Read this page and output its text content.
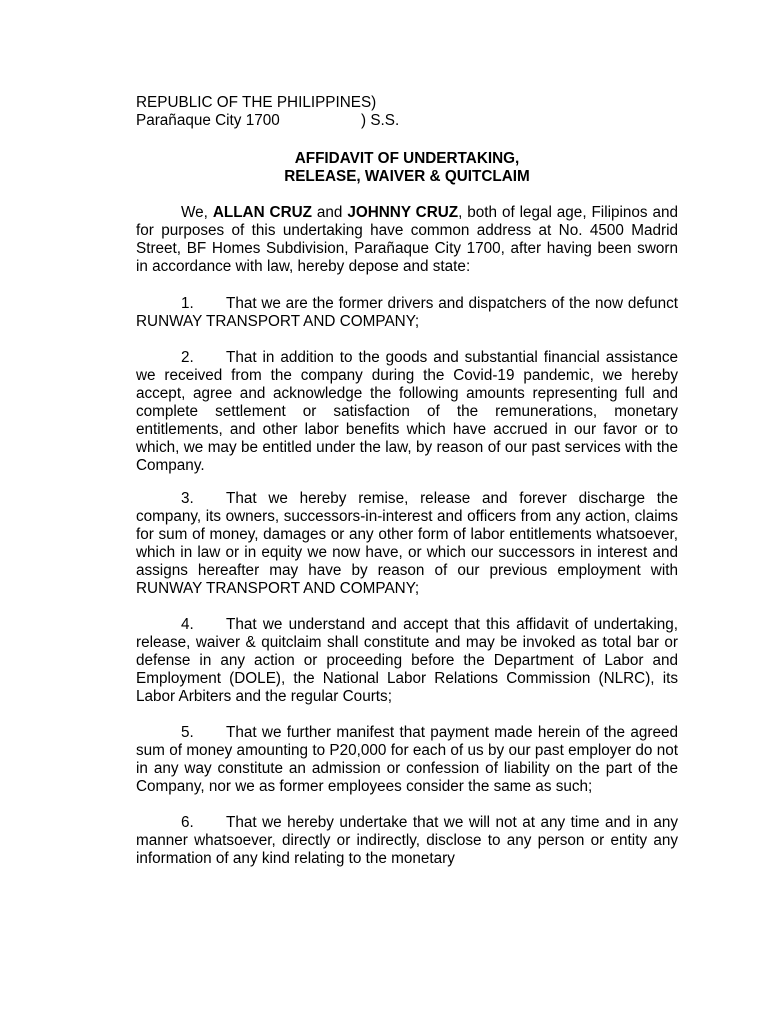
REPUBLIC OF THE PHILIPPINES)
Parañaque City 1700	) S.S.
AFFIDAVIT OF UNDERTAKING,
RELEASE, WAIVER & QUITCLAIM

We, ALLAN CRUZ and JOHNNY CRUZ, both of legal age, Filipinos and for purposes of this undertaking have common address at No. 4500 Madrid Street, BF Homes Subdivision, Parañaque City 1700, after having been sworn in accordance with law, hereby depose and state:

1. That we are the former drivers and dispatchers of the now defunct RUNWAY TRANSPORT AND COMPANY;

2. That in addition to the goods and substantial financial assistance we received from the company during the Covid-19 pandemic, we hereby accept, agree and acknowledge the following amounts representing full and complete settlement or satisfaction of the remunerations, monetary entitlements, and other labor benefits which have accrued in our favor or to which, we may be entitled under the law, by reason of our past services with the Company.

3. That we hereby remise, release and forever discharge the company, its owners, successors-in-interest and officers from any action, claims for sum of money, damages or any other form of labor entitlements whatsoever, which in law or in equity we now have, or which our successors in interest and assigns hereafter may have by reason of our previous employment with RUNWAY TRANSPORT AND COMPANY;

4. That we understand and accept that this affidavit of undertaking, release, waiver & quitclaim shall constitute and may be invoked as total bar or defense in any action or proceeding before the Department of Labor and Employment (DOLE), the National Labor Relations Commission (NLRC), its Labor Arbiters and the regular Courts;

5. That we further manifest that payment made herein of the agreed sum of money amounting to P20,000 for each of us by our past employer do not in any way constitute an admission or confession of liability on the part of the Company, nor we as former employees consider the same as such;

6. That we hereby undertake that we will not at any time and in any manner whatsoever, directly or indirectly, disclose to any person or entity any information of any kind relating to the monetary
